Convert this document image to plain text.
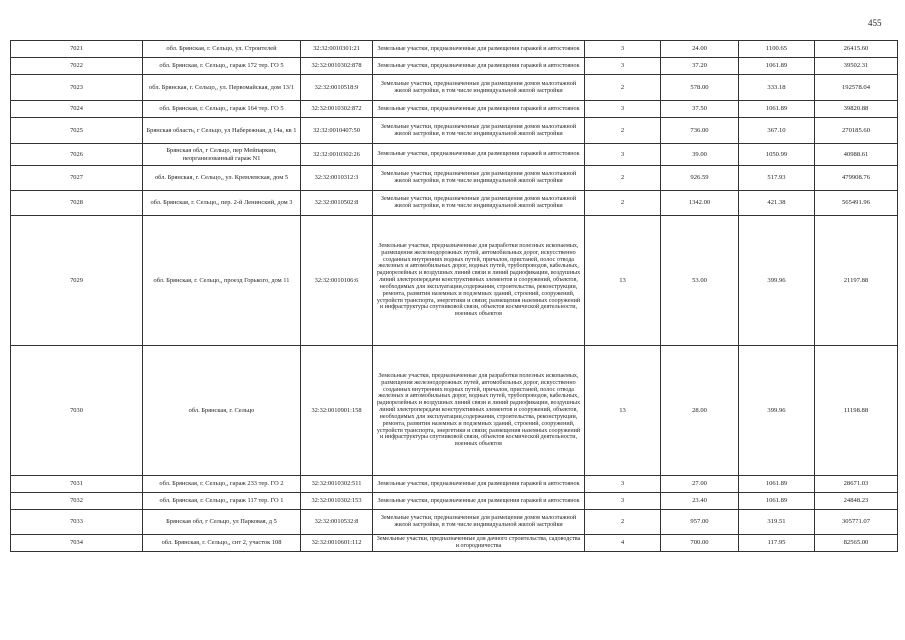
455
7021	обл. Брянская, г. Сельцо, ул. Строителей	32:32:0010301:21	Земельные участки, предназначенные для размещения гаражей и автостоянок	3	24.00	1100.65	26415.60
7022	обл. Брянская, г. Сельцо,, гараж 172 тер. ГО 5	32:32:0010302:878	Земельные участки, предназначенные для размещения гаражей и автостоянок	3	37.20	1061.89	39502.31
7023	обл. Брянская, г. Сельцо,, ул. Первомайская, дом 13/1	32:32:0010518:9	Земельные участки, предназначенные для размещения домов малоэтажной жилой застройки, в том числе индивидуальной жилой застройки	2	578.00	333.18	192578.04
7024	обл. Брянская, г. Сельцо,, гараж 164 тер. ГО 5	32:32:0010302:872	Земельные участки, предназначенные для размещения гаражей и автостоянок	3	37.50	1061.89	39820.88
7025	Брянская область, г Сельцо, ул Набережная, д 14а, кв 1	32:32:0010407:50	Земельные участки, предназначенные для размещения домов малоэтажной жилой застройки, в том числе индивидуальной жилой застройки	2	736.00	367.10	270185.60
7026	Брянская обл, г Сельцо, пер Мейпаркин, неорганизованный гараж N1	32:32:0010302:26	Земельные участки, предназначенные для размещения гаражей и автостоянок	3	39.00	1050.99	40988.61
7027	обл. Брянская, г. Сельцо,, ул. Кремлевская, дом 5	32:32:0010312:3	Земельные участки, предназначенные для размещения домов малоэтажной жилой застройки, в том числе индивидуальной жилой застройки	2	926.59	517.93	479908.76
7028	обл. Брянская, г. Сельцо,, пер. 2-й Ленинский, дом 3	32:32:0010502:8	Земельные участки, предназначенные для размещения домов малоэтажной жилой застройки, в том числе индивидуальной жилой застройки	2	1342.00	421.38	565491.96
7029	обл. Брянская, г. Сельцо,, проезд Горького, дом 11	32:32:0010106:6	Земельные участки, предназначенные для разработки полезных ископаемых, размещения железнодорожных путей, автомобильных дорог, искусственно созданных внутренних водных путей, причалов, пристаней, полос отвода железных и автомобильных дорог, водных путей, трубопроводов, кабельных, радиорелейных и воздушных линий связи и линий радиофикации, воздушных линий электропередачи конструктивных элементов и сооружений, объектов, необходимых для эксплуатации,содержания, строительства, реконструкции, ремонта, развития наземных и подземных зданий, строений, сооружений, устройств транспорта, энергетики и связи; размещения наземных сооружений и инфраструктуры спутниковой связи, объектов космической деятельности, военных объектов	13	53.00	399.96	21197.88
7030	обл. Брянская, г. Сельцо	32:32:0010901:158	Земельные участки, предназначенные для разработки полезных ископаемых, размещения железнодорожных путей, автомобильных дорог, искусственно созданных внутренних водных путей, причалов, пристаней, полос отвода железных и автомобильных дорог, водных путей, трубопроводов, кабельных, радиорелейных и воздушных линий связи и линий радиофикации, воздушных линий электропередачи конструктивных элементов и сооружений, объектов, необходимых для эксплуатации,содержания, строительства, реконструкции, ремонта, развития наземных и подземных зданий, строений, сооружений, устройств транспорта, энергетики и связи; размещения наземных сооружений и инфраструктуры спутниковой связи, объектов космической деятельности, военных объектов	13	28.00	399.96	11198.88
7031	обл. Брянская, г. Сельцо,, гараж 233 тер. ГО 2	32:32:0010302:511	Земельные участки, предназначенные для размещения гаражей и автостоянок	3	27.00	1061.89	28671.03
7032	обл. Брянская, г. Сельцо,, гараж 117 тер. ГО 1	32:32:0010302:153	Земельные участки, предназначенные для размещения гаражей и автостоянок	3	23.40	1061.89	24848.23
7033	Брянская обл, г Сельцо, ул Парковая, д 5	32:32:0010532:8	Земельные участки, предназначенные для размещения домов малоэтажной жилой застройки, в том числе индивидуальной жилой застройки	2	957.00	319.51	305771.07
7034	обл. Брянская, г. Сельцо,, снт 2, участок 108	32:32:0010601:112	Земельные участки, предназначенные для дачного строительства, садоводства и огородничества	4	700.00	117.95	82565.00
